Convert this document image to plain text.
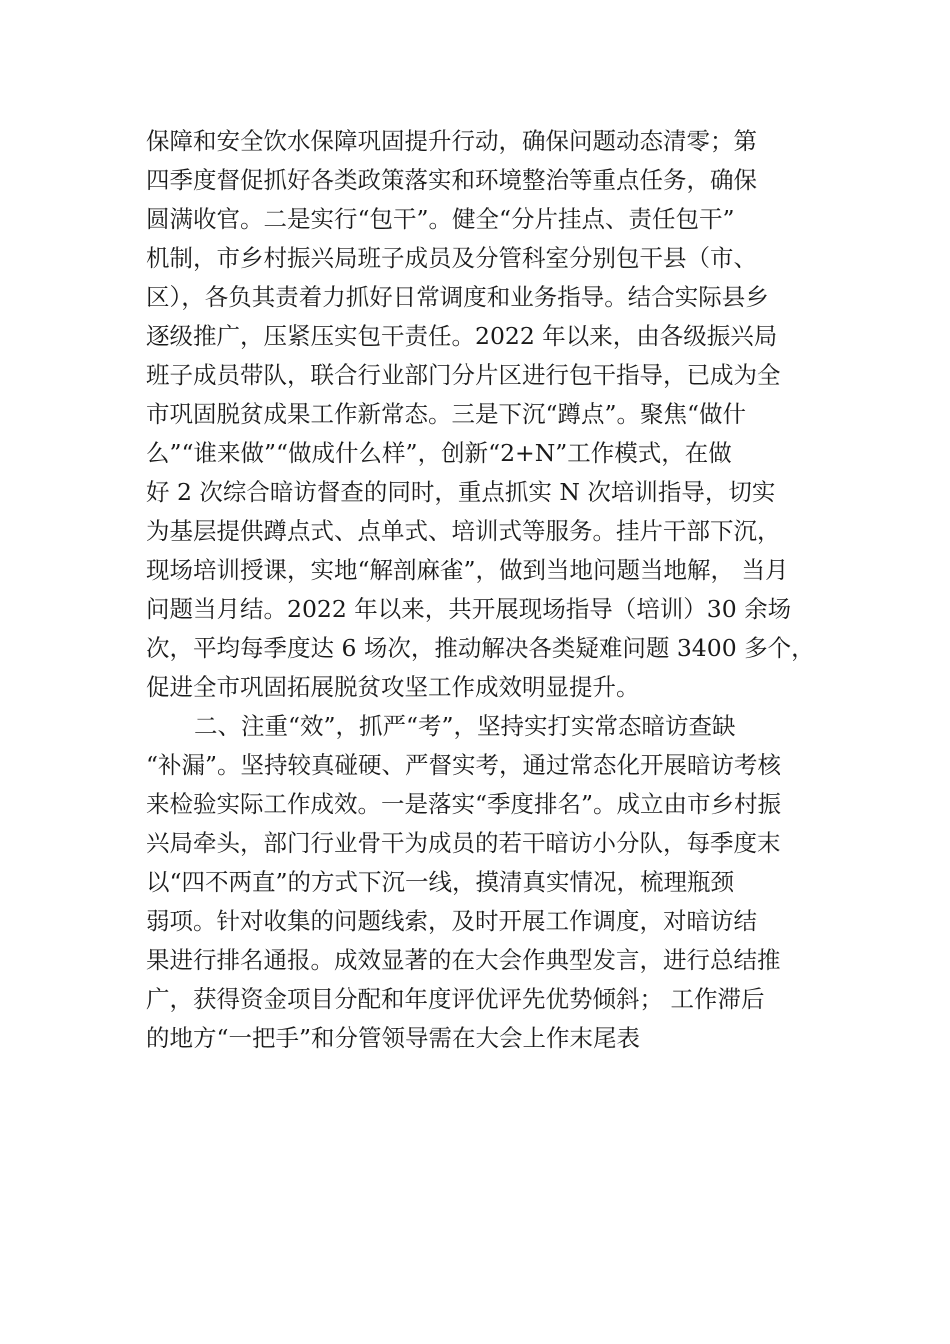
保障和安全饮水保障巩固提升行动，确保问题动态清零；第
四季度督促抓好各类政策落实和环境整治等重点任务，确保
圆满收官。二是实行“包干”。健全“分片挂点、责任包干”
机制，市乡村振兴局班子成员及分管科室分别包干县（市、
区），各负其责着力抓好日常调度和业务指导。结合实际县乡
逐级推广，压紧压实包干责任。2022 年以来，由各级振兴局
班子成员带队，联合行业部门分片区进行包干指导，已成为全
市巩固脱贫成果工作新常态。三是下沉“蹲点”。聚焦“做什
么”“谁来做”“做成什么样”，创新“2+N”工作模式，在做
好 2 次综合暗访督查的同时，重点抓实 N 次培训指导，切实
为基层提供蹲点式、点单式、培训式等服务。挂片干部下沉，
现场培训授课，实地“解剖麻雀”，做到当地问题当地解， 当月
问题当月结。2022 年以来，共开展现场指导（培训）30 余场
次，平均每季度达 6 场次，推动解决各类疑难问题 3400 多个，
促进全市巩固拓展脱贫攻坚工作成效明显提升。
二、注重“效”，抓严“考”，坚持实打实常态暗访查缺
“补漏”。坚持较真碰硬、严督实考，通过常态化开展暗访考核
来检验实际工作成效。一是落实“季度排名”。成立由市乡村振
兴局牵头，部门行业骨干为成员的若干暗访小分队，每季度末
以“四不两直”的方式下沉一线，摸清真实情况，梳理瓶颈
弱项。针对收集的问题线索，及时开展工作调度，对暗访结
果进行排名通报。成效显著的在大会作典型发言，进行总结推
广，获得资金项目分配和年度评优评先优势倾斜； 工作滞后
的地方“一把手”和分管领导需在大会上作末尾表
